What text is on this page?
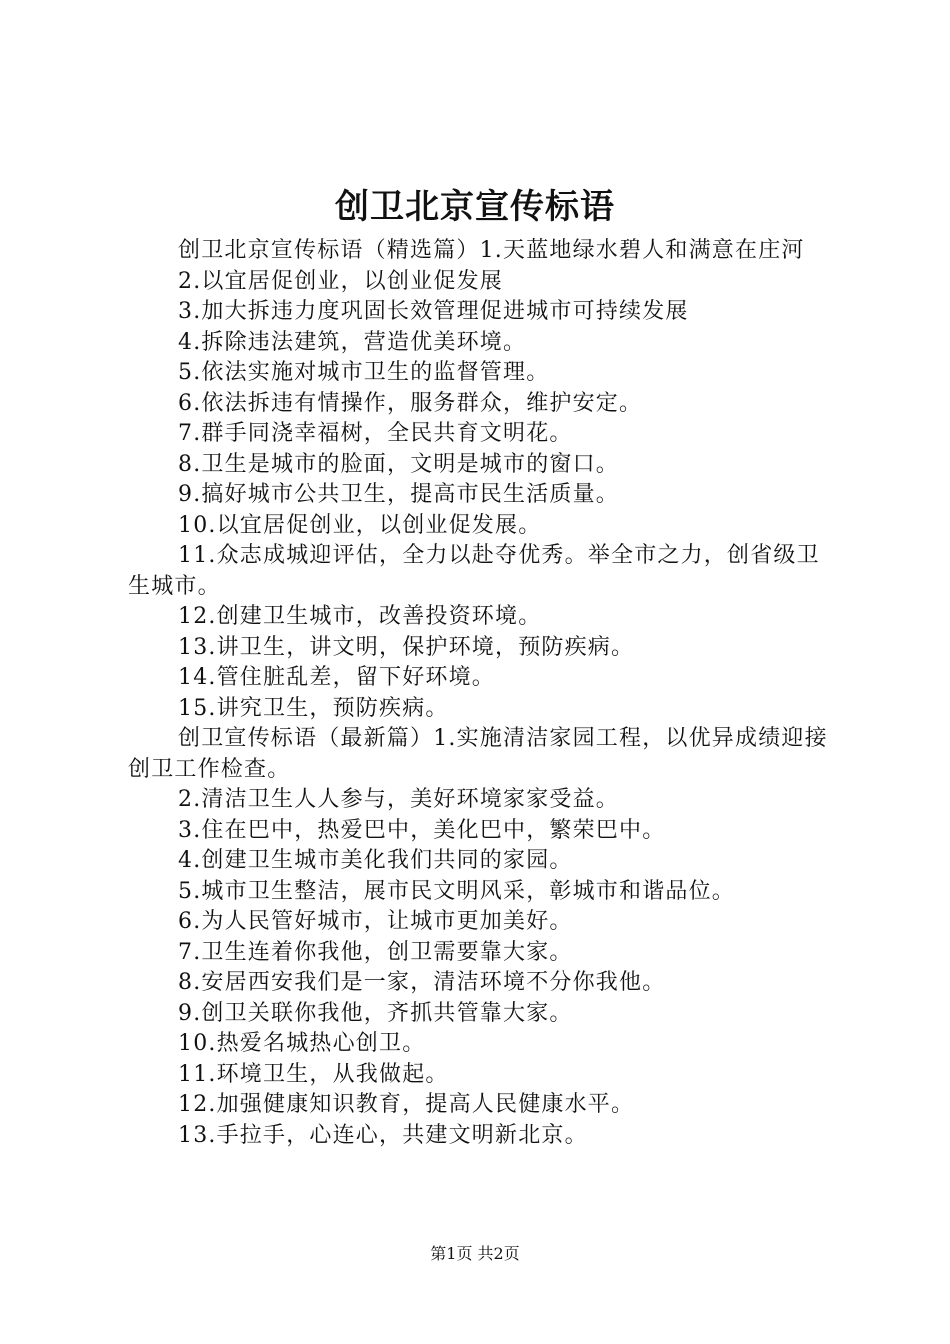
创卫北京宣传标语

创卫北京宣传标语（精选篇）1.天蓝地绿水碧人和满意在庄河

2.以宜居促创业，以创业促发展

3.加大拆违力度巩固长效管理促进城市可持续发展

4.拆除违法建筑，营造优美环境。

5.依法实施对城市卫生的监督管理。

6.依法拆违有情操作，服务群众，维护安定。

7.群手同浇幸福树，全民共育文明花。

8.卫生是城市的脸面，文明是城市的窗口。

9.搞好城市公共卫生，提高市民生活质量。

10.以宜居促创业，以创业促发展。

11.众志成城迎评估，全力以赴夺优秀。举全市之力，创省级卫生城市。

12.创建卫生城市，改善投资环境。

13.讲卫生，讲文明，保护环境，预防疾病。

14.管住脏乱差，留下好环境。

15.讲究卫生，预防疾病。

创卫宣传标语（最新篇）1.实施清洁家园工程，以优异成绩迎接创卫工作检查。

2.清洁卫生人人参与，美好环境家家受益。

3.住在巴中，热爱巴中，美化巴中，繁荣巴中。

4.创建卫生城市美化我们共同的家园。

5.城市卫生整洁，展市民文明风采，彰城市和谐品位。

6.为人民管好城市，让城市更加美好。

7.卫生连着你我他，创卫需要靠大家。

8.安居西安我们是一家，清洁环境不分你我他。

9.创卫关联你我他，齐抓共管靠大家。

10.热爱名城热心创卫。

11.环境卫生，从我做起。

12.加强健康知识教育，提高人民健康水平。

13.手拉手，心连心，共建文明新北京。

第1页 共2页
